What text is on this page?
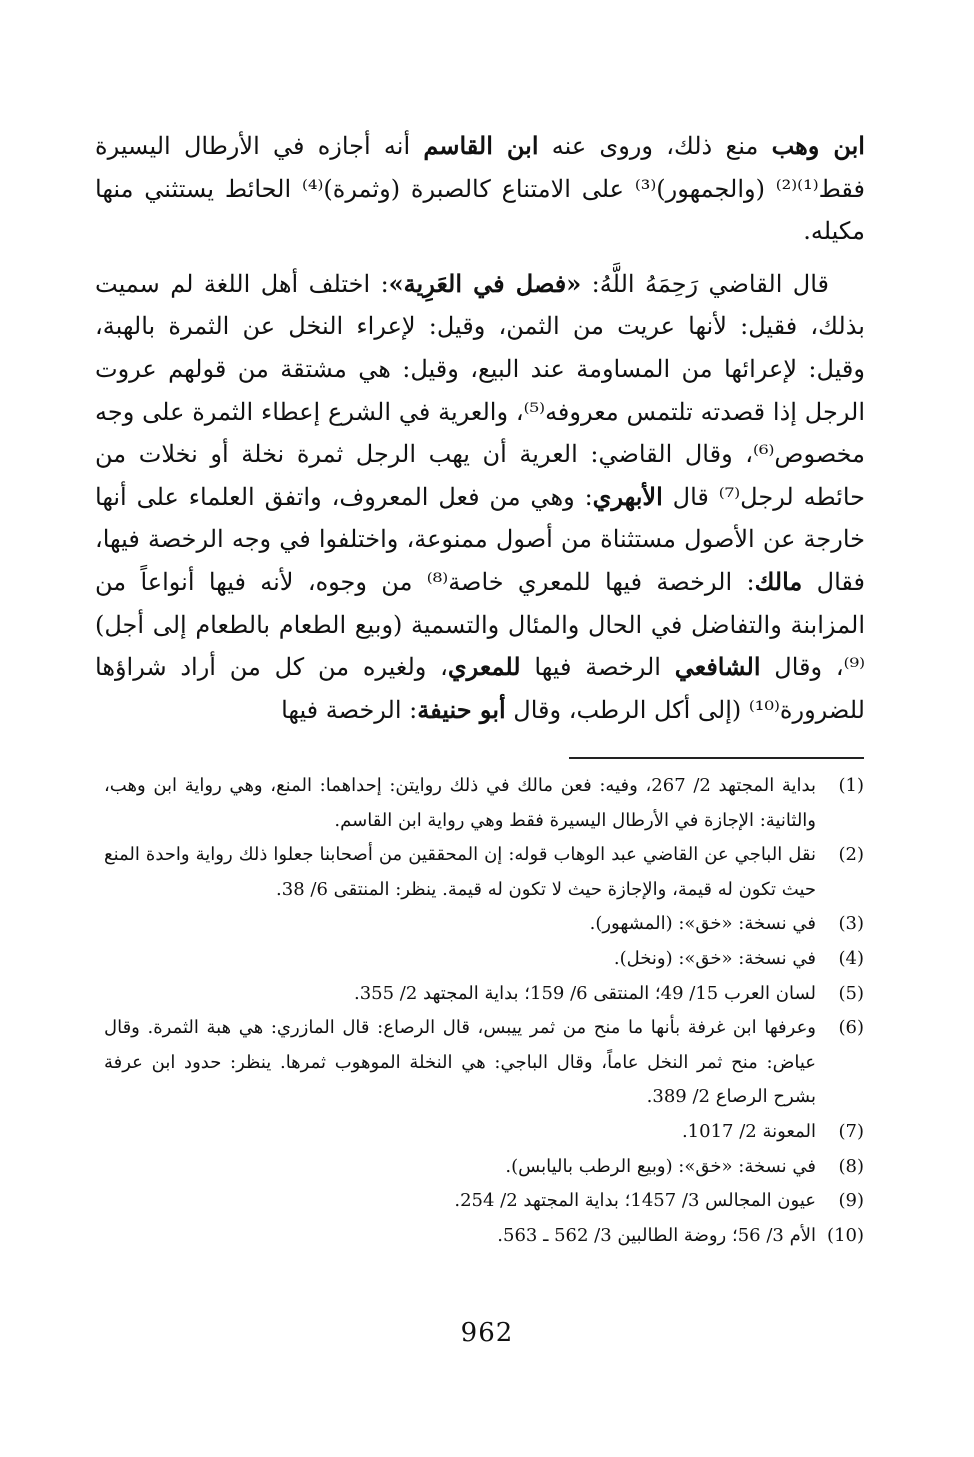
ابن وهب منع ذلك، وروى عنه ابن القاسم أنه أجازه في الأرطال اليسيرة فقط⁽¹⁾⁽²⁾ (والجمهور)⁽³⁾ على الامتناع كالصبرة (وثمرة)⁽⁴⁾ الحائط يستثني منها مكيله.

قال القاضي رَحِمَهُ اللَّهُ: «فصل في العَرِية»: اختلف أهل اللغة لم سميت بذلك، فقيل: لأنها عريت من الثمن، وقيل: لإعراء النخل عن الثمرة بالهبة، وقيل: لإعرائها من المساومة عند البيع، وقيل: هي مشتقة من قولهم عروت الرجل إذا قصدته تلتمس معروفه⁽⁵⁾، والعرية في الشرع إعطاء الثمرة على وجه مخصوص⁽⁶⁾، وقال القاضي: العرية أن يهب الرجل ثمرة نخلة أو نخلات من حائطه لرجل⁽⁷⁾ قال الأبهري: وهي من فعل المعروف، واتفق العلماء على أنها خارجة عن الأصول مستثناة من أصول ممنوعة، واختلفوا في وجه الرخصة فيها، فقال مالك: الرخصة فيها للمعري خاصة⁽⁸⁾ من وجوه، لأنه فيها أنواعاً من المزابنة والتفاضل في الحال والمئال والتسمية (وبيع الطعام بالطعام إلى أجل)⁽⁹⁾، وقال الشافعي الرخصة فيها للمعري، ولغيره من كل من أراد شراؤها للضرورة⁽¹⁰⁾ (إلى أكل الرطب، وقال أبو حنيفة: الرخصة فيها

(1)
بداية المجتهد 2/ 267، وفيه: فعن مالك في ذلك روايتن: إحداهما: المنع، وهي رواية ابن وهب، والثانية: الإجازة في الأرطال اليسيرة فقط وهي رواية ابن القاسم.
(2)
نقل الباجي عن القاضي عبد الوهاب قوله: إن المحققين من أصحابنا جعلوا ذلك رواية واحدة المنع حيث تكون له قيمة، والإجازة حيث لا تكون له قيمة. ينظر: المنتقى 6/ 38.
(3)
في نسخة: «خق»: (المشهور).
(4)
في نسخة: «خق»: (ونخل).
(5)
لسان العرب 15/ 49؛ المنتقى 6/ 159؛ بداية المجتهد 2/ 355.
(6)
وعرفها ابن غرفة بأنها ما منح من ثمر ييبس، قال الرصاع: قال المازري: هي هبة الثمرة. وقال عياض: منح ثمر النخل عاماً، وقال الباجي: هي النخلة الموهوب ثمرها. ينظر: حدود ابن عرفة بشرح الرصاع 2/ 389.
(7)
المعونة 2/ 1017.
(8)
في نسخة: «خق»: (وبيع الرطب باليابس).
(9)
عيون المجالس 3/ 1457؛ بداية المجتهد 2/ 254.
(10)
الأم 3/ 56؛ روضة الطالبين 3/ 562 ـ 563.
962
